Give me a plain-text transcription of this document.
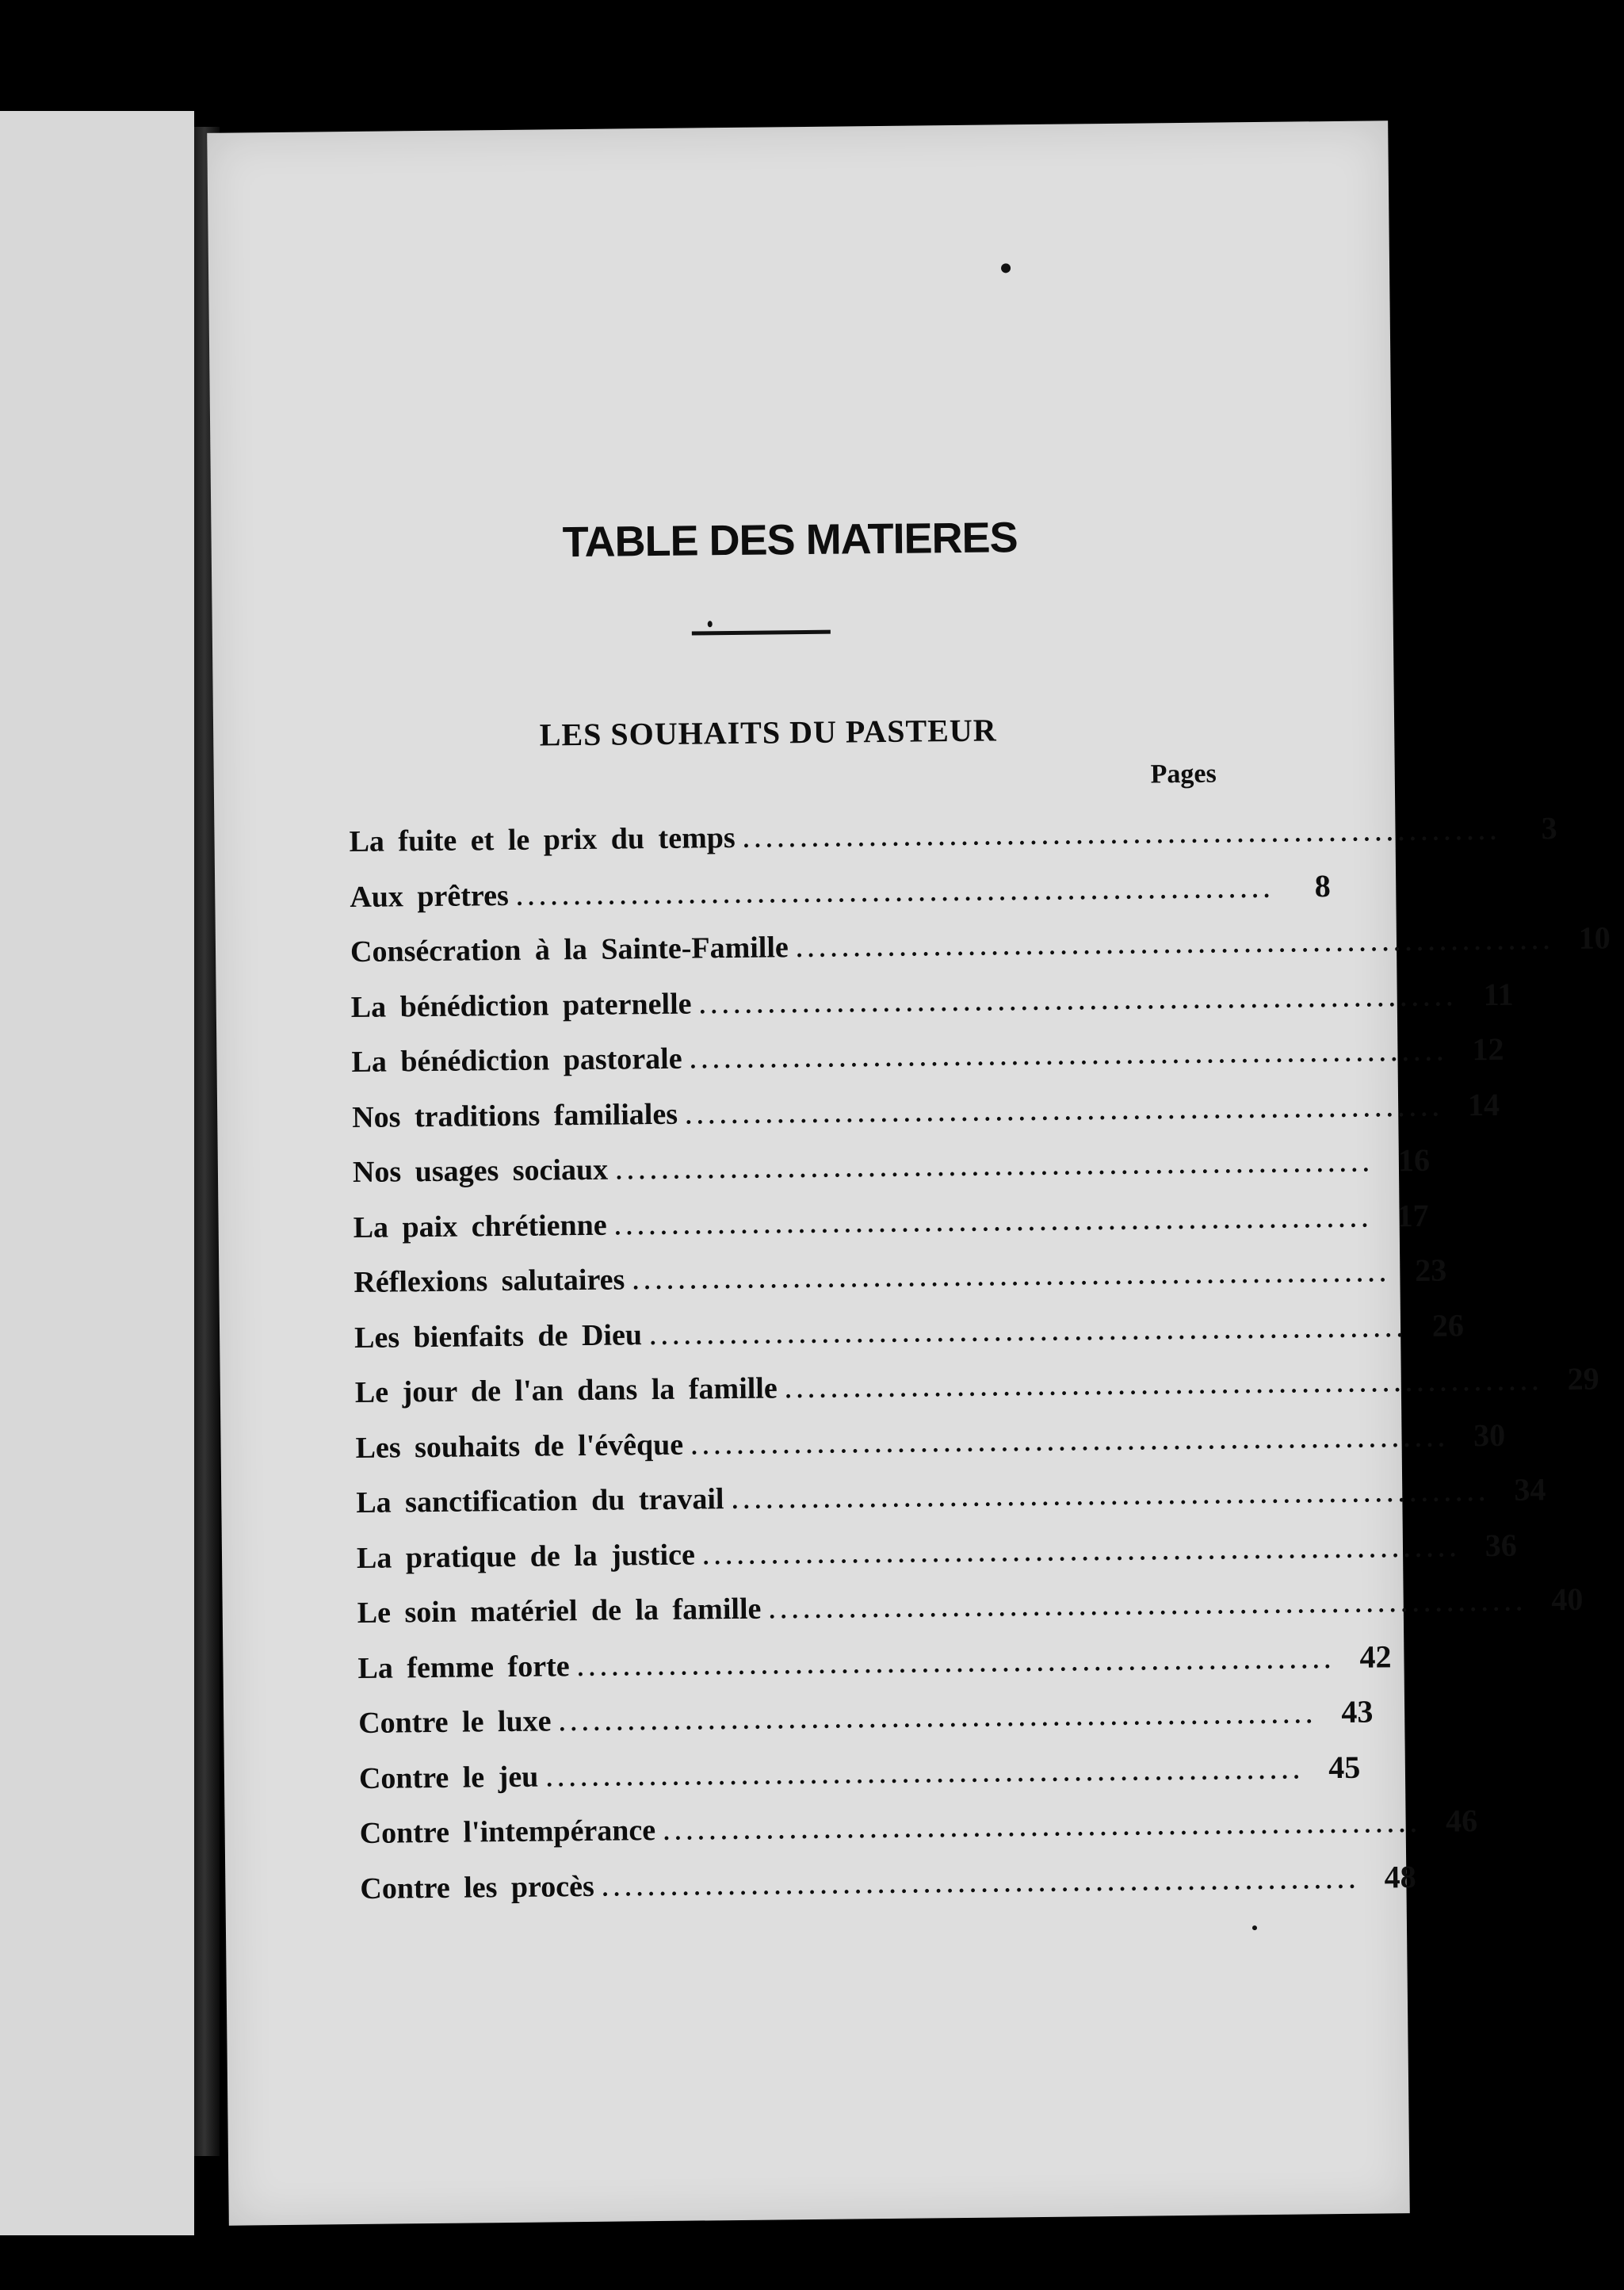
TABLE DES MATIERES
LES SOUHAITS DU PASTEUR
Pages
La fuite et le prix du temps ..................................................................	3
Aux prêtres ..................................................................	8
Consécration à la Sainte-Famille .................................................................. 10
La bénédiction paternelle .................................................................. 11
La bénédiction pastorale .................................................................. 12
Nos traditions familiales .................................................................. 14
Nos usages sociaux .................................................................. 16
La paix chrétienne .................................................................. 17
Réflexions salutaires .................................................................. 23
Les bienfaits de Dieu .................................................................. 26
Le jour de l'an dans la famille .................................................................. 29
Les souhaits de l'évêque .................................................................. 30
La sanctification du travail .................................................................. 34
La pratique de la justice .................................................................. 36
Le soin matériel de la famille .................................................................. 40
La femme forte .................................................................. 42
Contre le luxe .................................................................. 43
Contre le jeu .................................................................. 45
Contre l'intempérance .................................................................. 46
Contre les procès .................................................................. 48
